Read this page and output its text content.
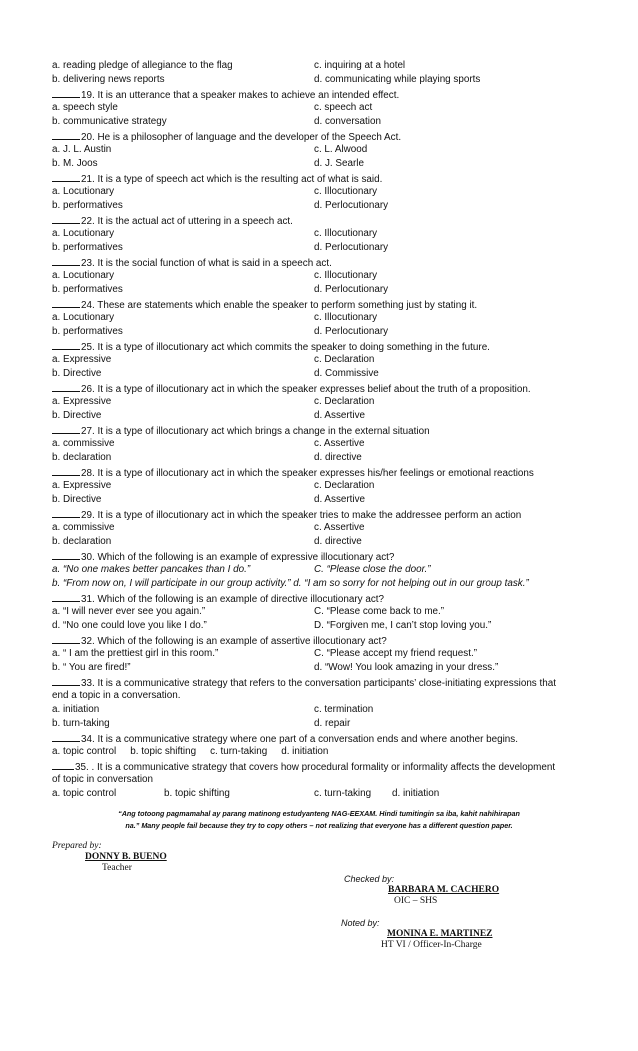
a. reading pledge of allegiance to the flag	c. inquiring at a hotel
b. delivering news reports	d. communicating while playing sports
19. It is an utterance that a speaker makes to achieve an intended effect.
a. speech style	c. speech act
b. communicative strategy	d. conversation
20. He is a philosopher of language and the developer of the Speech Act.
a. J. L. Austin	c. L. Alwood
b. M. Joos	d. J. Searle
21. It is a type of speech act which is the resulting act of what is said.
a. Locutionary	c. Illocutionary
b. performatives	d. Perlocutionary
22. It is the actual act of uttering in a speech act.
a. Locutionary	c. Illocutionary
b. performatives	d. Perlocutionary
23. It is the social function of what is said in a speech act.
a. Locutionary	c. Illocutionary
b. performatives	d. Perlocutionary
24. These are statements which enable the speaker to perform something just by stating it.
a. Locutionary	c. Illocutionary
b. performatives	d. Perlocutionary
25. It is a type of illocutionary act which commits the speaker to doing something in the future.
a. Expressive	c. Declaration
b. Directive	d. Commissive
26. It is a type of illocutionary act in which the speaker expresses belief about the truth of a proposition.
a. Expressive	c. Declaration
b. Directive	d. Assertive
27. It is a type of illocutionary act which brings a change in the external situation
a. commissive	c. Assertive
b. declaration	d. directive
28. It is a type of illocutionary act in which the speaker expresses his/her feelings or emotional reactions
a. Expressive	c. Declaration
b. Directive	d. Assertive
29. It is a type of illocutionary act in which the speaker tries to make the addressee perform an action
a. commissive	c. Assertive
b. declaration	d. directive
30. Which of the following is an example of expressive illocutionary act?
a. “No one makes better pancakes than I do.”	C. “Please close the door.”
b. “From now on, I will participate in our group activity.” d. “I am so sorry for not helping out in our group task.”
31. Which of the following is an example of directive illocutionary act?
a. “I will never ever see you again.”	C. “Please come back to me.”
d. “No one could love you like I do.”	D. “Forgiven me, I can’t stop loving you.”
32. Which of the following is an example of assertive illocutionary act?
a. “ I am the prettiest girl in this room.”	C. “Please accept my friend request.”
b. “ You are fired!”	d. “Wow! You look amazing in your dress.”
33. It is a communicative strategy that refers to the conversation participants’ close-initiating expressions that
end a topic in a conversation.
a. initiation	c. termination
b. turn-taking	d. repair
34. It is a communicative strategy where one part of a conversation ends and where another begins.
a. topic control b. topic shifting c. turn-taking d. initiation
35. . It is a communicative strategy that covers how procedural formality or informality affects the development
of topic in conversation
a. topic control	b. topic shifting	c. turn-taking d. initiation
“Ang totoong pagmamahal ay parang matinong estudyanteng NAG-EEXAM. Hindi tumitingin sa iba, kahit nahihirapan
na.” Many people fail because they try to copy others – not realizing that everyone has a different question paper.
Prepared by:
DONNY B. BUENO
Teacher
Checked by:
BARBARA M. CACHERO
OIC – SHS
Noted by:
MONINA E. MARTINEZ
HT VI / Officer-In-Charge
